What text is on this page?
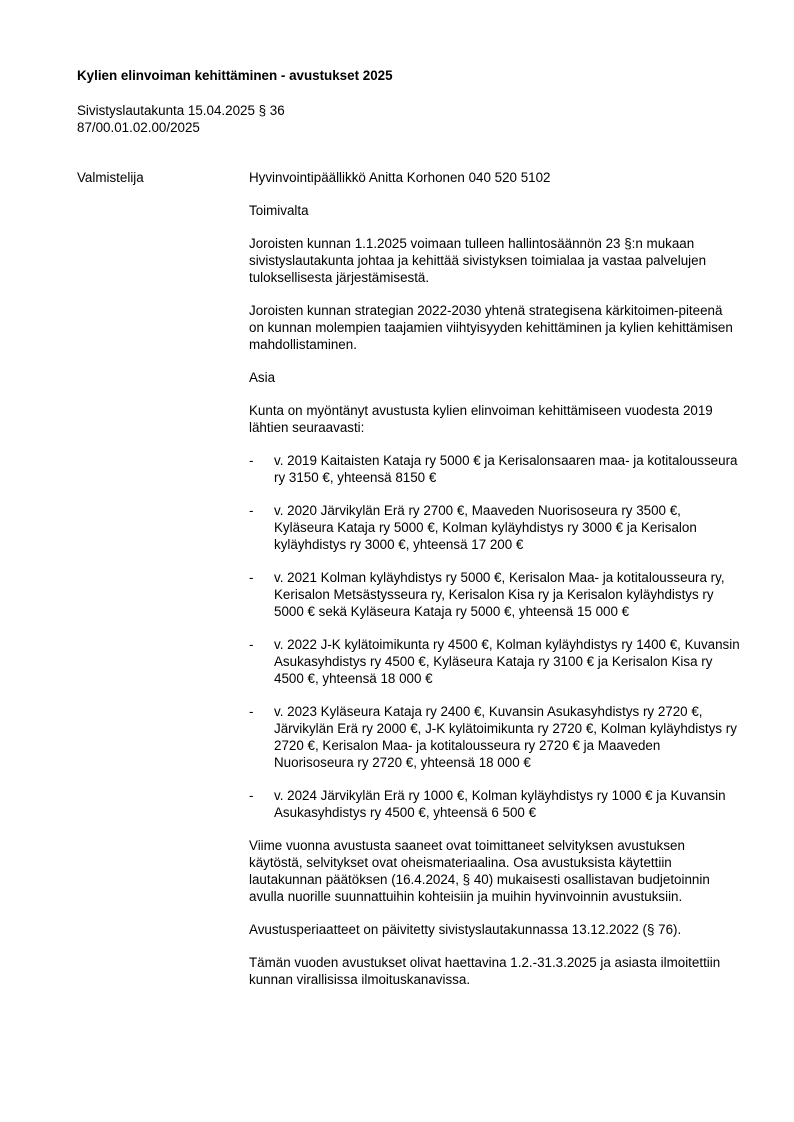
Kylien elinvoiman kehittäminen - avustukset 2025
Sivistyslautakunta 15.04.2025 § 36
87/00.01.02.00/2025
Valmistelija	Hyvinvointipäällikkö Anitta Korhonen 040 520 5102

Toimivalta

Joroisten kunnan 1.1.2025 voimaan tulleen hallintosäännön 23 §:n mukaan sivistyslautakunta johtaa ja kehittää sivistyksen toimialaa ja vastaa palvelujen tuloksellisesta järjestämisestä.

Joroisten kunnan strategian 2022-2030 yhtenä strategisena kärkitoimen-piteenä on kunnan molempien taajamien viihtyisyyden kehittäminen ja kylien kehittämisen mahdollistaminen.

Asia

Kunta on myöntänyt avustusta kylien elinvoiman kehittämiseen vuodesta 2019 lähtien seuraavasti:

- v. 2019 Kaitaisten Kataja ry 5000 € ja Kerisalonsaaren maa- ja kotitalousseura ry 3150 €, yhteensä 8150 €
- v. 2020 Järvikylän Erä ry 2700 €, Maaveden Nuorisoseura ry 3500 €, Kyläseura Kataja ry 5000 €, Kolman kyläyhdistys ry 3000 € ja Kerisalon kyläyhdistys ry 3000 €, yhteensä 17 200 €
- v. 2021 Kolman kyläyhdistys ry 5000 €, Kerisalon Maa- ja kotitalousseura ry, Kerisalon Metsästysseura ry, Kerisalon Kisa ry ja Kerisalon kyläyhdistys ry 5000 € sekä Kyläseura Kataja ry 5000 €, yhteensä 15 000 €
- v. 2022 J-K kylätoimikunta ry 4500 €, Kolman kyläyhdistys ry 1400 €, Kuvansin Asukasyhdistys ry 4500 €, Kyläseura Kataja ry 3100 € ja Kerisalon Kisa ry 4500 €, yhteensä 18 000 €
- v. 2023 Kyläseura Kataja ry 2400 €, Kuvansin Asukasyhdistys ry 2720 €, Järvikylän Erä ry 2000 €, J-K kylätoimikunta ry 2720 €, Kolman kyläyhdistys ry 2720 €, Kerisalon Maa- ja kotitalousseura ry 2720 € ja Maaveden Nuorisoseura ry 2720 €, yhteensä 18 000 €
- v. 2024 Järvikylän Erä ry 1000 €, Kolman kyläyhdistys ry 1000 € ja Kuvansin Asukasyhdistys ry 4500 €, yhteensä 6 500 €

Viime vuonna avustusta saaneet ovat toimittaneet selvityksen avustuksen käytöstä, selvitykset ovat oheismateriaalina. Osa avustuksista käytettiin lautakunnan päätöksen (16.4.2024, § 40) mukaisesti osallistavan budjetoinnin avulla nuorille suunnattuihin kohteisiin ja muihin hyvinvoinnin avustuksiin.

Avustusperiaatteet on päivitetty sivistyslautakunnassa 13.12.2022 (§ 76).

Tämän vuoden avustukset olivat haettavina 1.2.-31.3.2025 ja asiasta ilmoitettiin kunnan virallisissa ilmoituskanavissa.
